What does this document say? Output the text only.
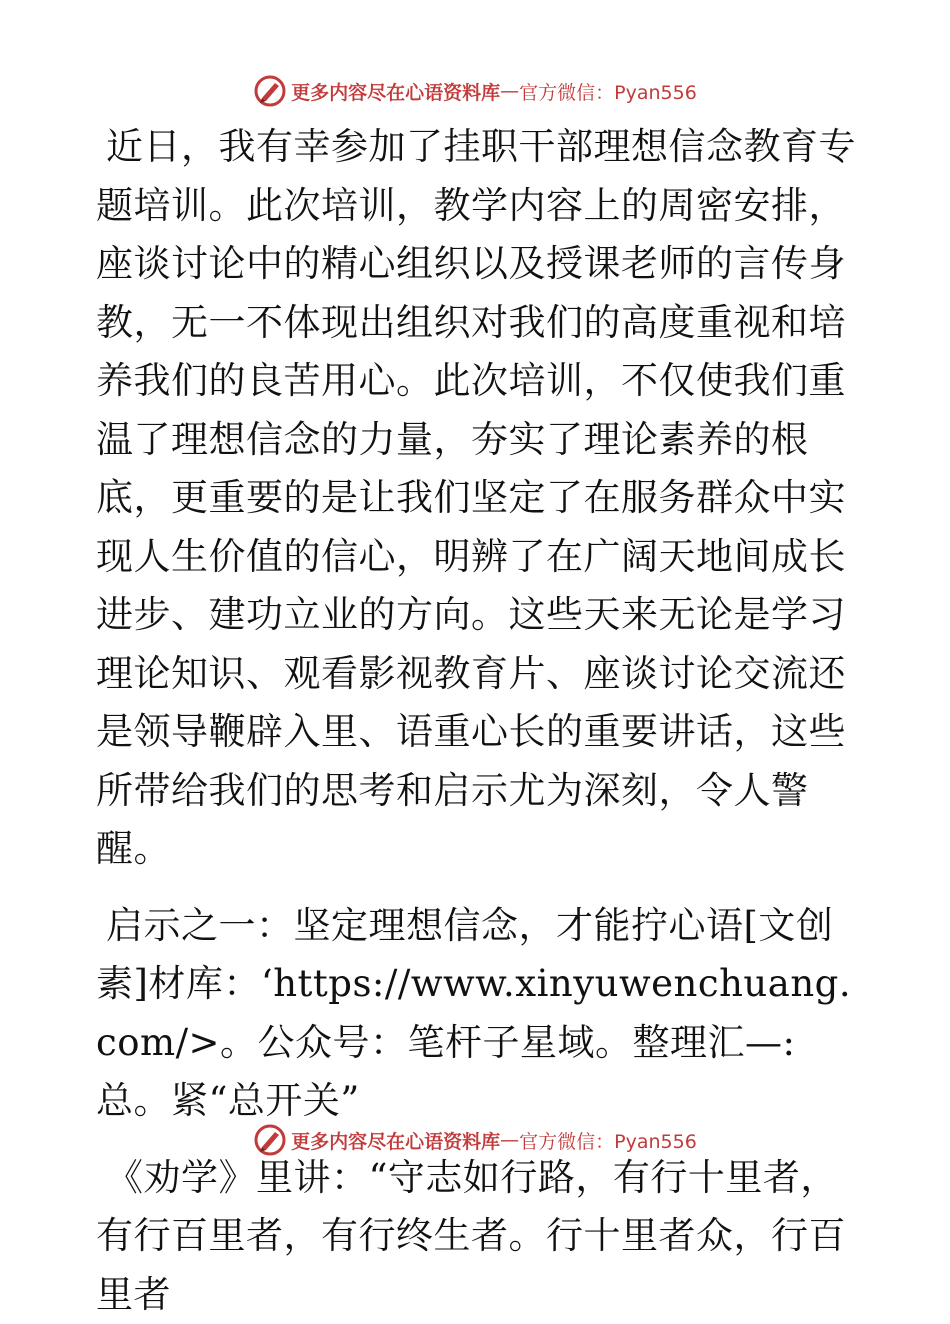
更多内容尽在心语资料库 — 官方微信：Pyan556

近日，我有幸参加了挂职干部理想信念教育专题培训。此次培训，教学内容上的周密安排，座谈讨论中的精心组织以及授课老师的言传身教，无一不体现出组织对我们的高度重视和培养我们的良苦用心。此次培训，不仅使我们重温了理想信念的力量，夯实了理论素养的根底，更重要的是让我们坚定了在服务群众中实现人生价值的信心，明辨了在广阔天地间成长进步、建功立业的方向。这些天来无论是学习理论知识、观看影视教育片、座谈讨论交流还是领导鞭辟入里、语重心长的重要讲话，这些所带给我们的思考和启示尤为深刻，令人警醒。

启示之一：坚定理想信念，才能拧心语[文创素]材库：‘https://www.xinyuwenchuang.com/>。公众号：笔杆子星域。整理汇—:总。紧“总开关”

《劝学》里讲：“守志如行路，有行十里者，有行百里者，有行终生者。行十里者众，行百里者

更多内容尽在心语资料库 — 官方微信：Pyan556
